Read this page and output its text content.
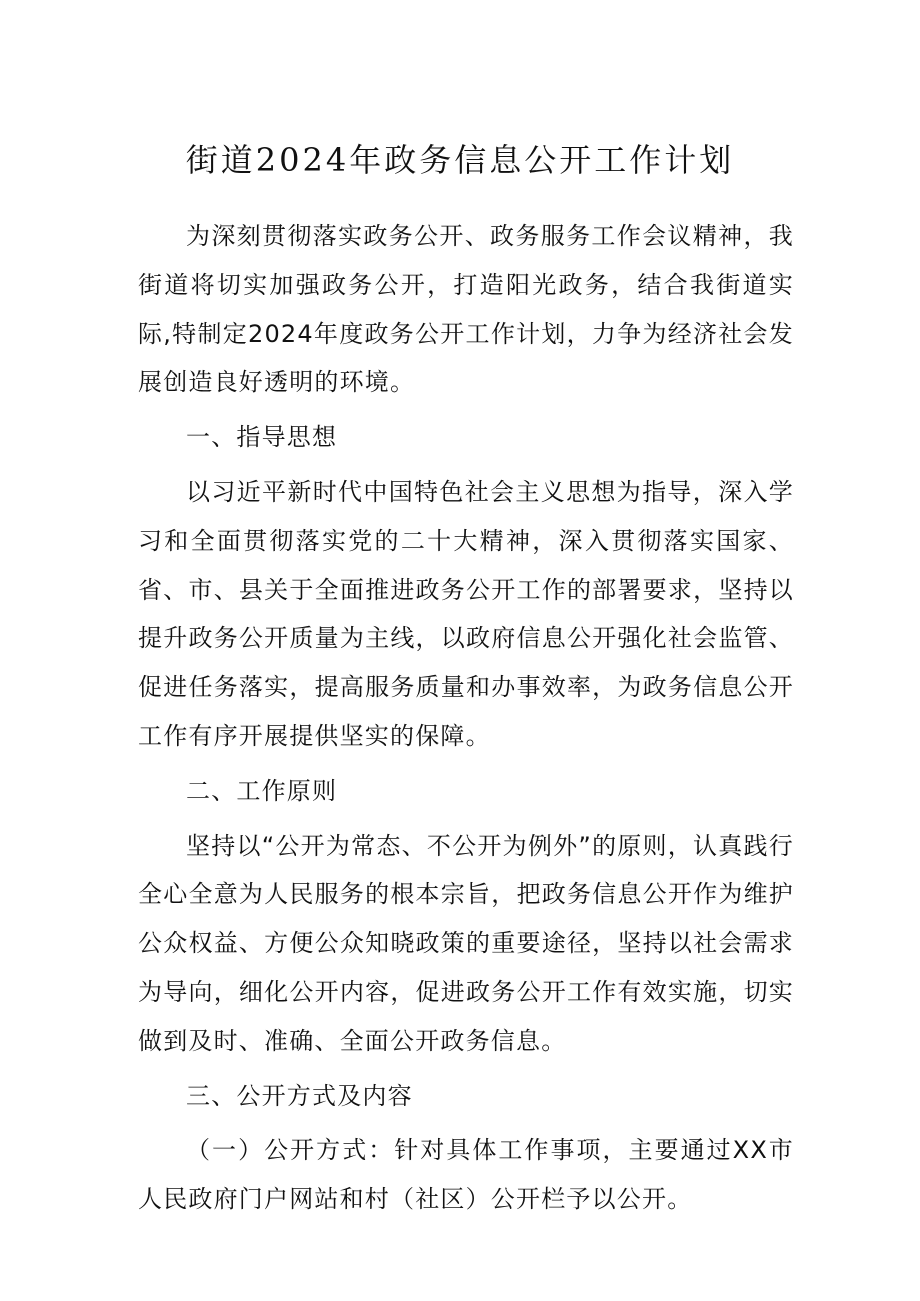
街道2024年政务信息公开工作计划

为深刻贯彻落实政务公开、政务服务工作会议精神，我街道将切实加强政务公开，打造阳光政务，结合我街道实际,特制定2024年度政务公开工作计划，力争为经济社会发展创造良好透明的环境。

一、指导思想

以习近平新时代中国特色社会主义思想为指导，深入学习和全面贯彻落实党的二十大精神，深入贯彻落实国家、省、市、县关于全面推进政务公开工作的部署要求，坚持以提升政务公开质量为主线，以政府信息公开强化社会监管、促进任务落实，提高服务质量和办事效率，为政务信息公开工作有序开展提供坚实的保障。

二、工作原则

坚持以“公开为常态、不公开为例外”的原则，认真践行全心全意为人民服务的根本宗旨，把政务信息公开作为维护公众权益、方便公众知晓政策的重要途径，坚持以社会需求为导向，细化公开内容，促进政务公开工作有效实施，切实做到及时、准确、全面公开政务信息。

三、公开方式及内容

（一）公开方式：针对具体工作事项，主要通过XX市人民政府门户网站和村（社区）公开栏予以公开。
